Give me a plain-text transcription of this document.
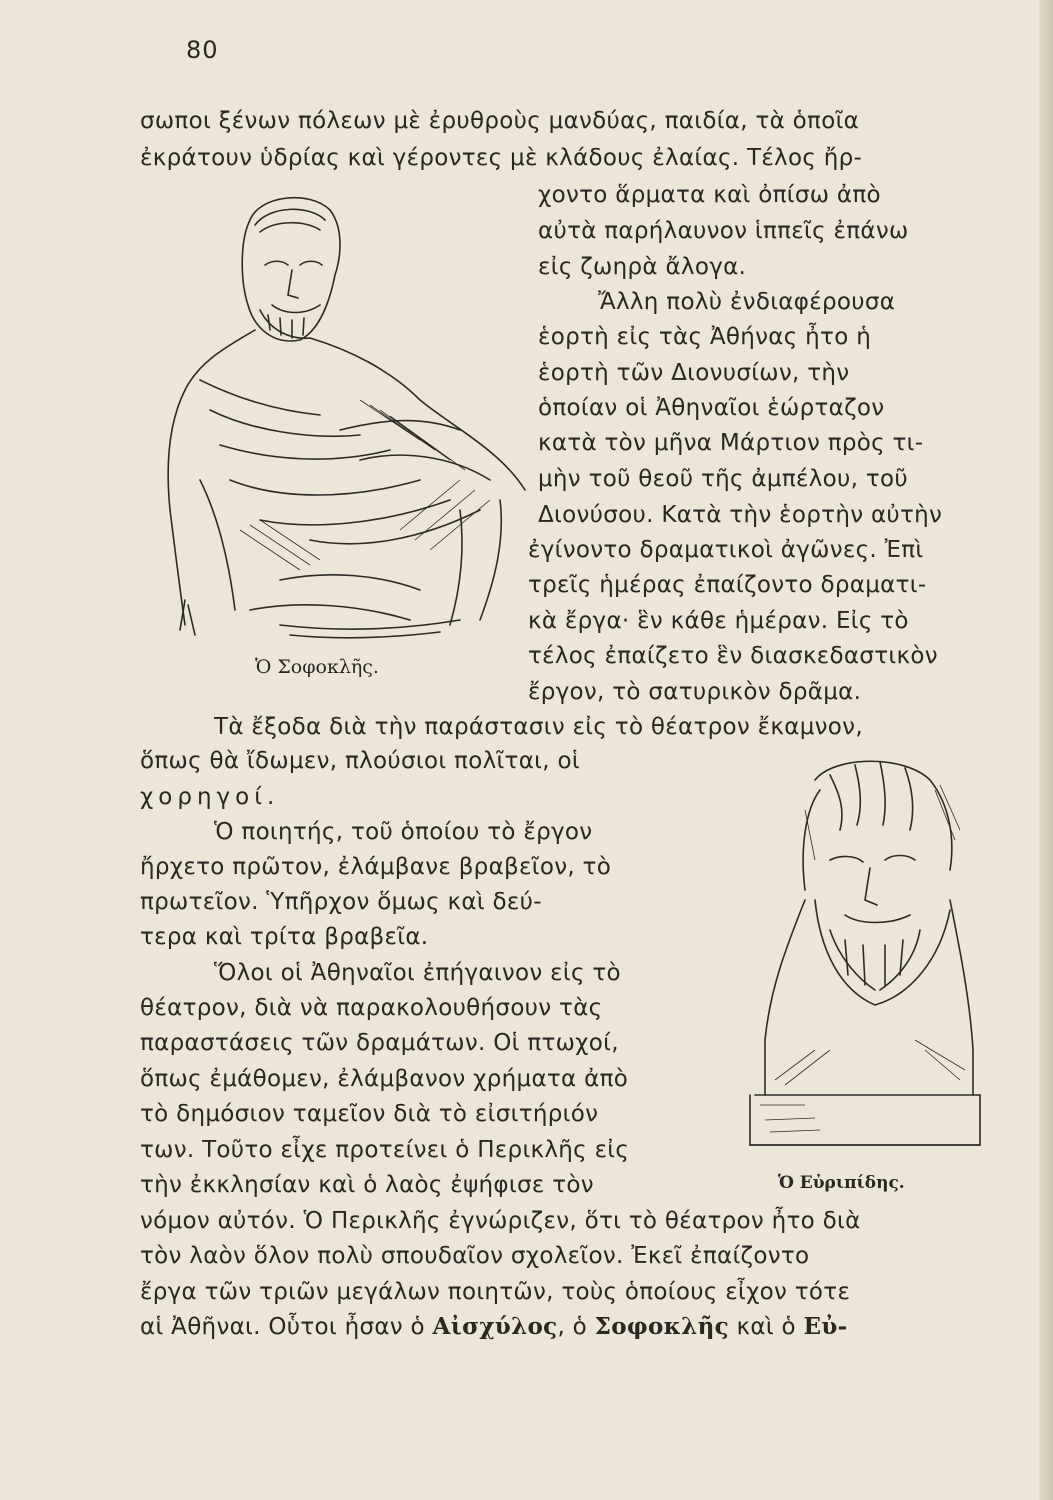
80
σωποι ξένων πόλεων μὲ ἐρυθροὺς μανδύας, παιδία, τὰ ὁποῖα
ἐκράτουν ὑδρίας καὶ γέροντες μὲ κλάδους ἐλαίας. Τέλος ἤρ-
χοντο ἅρματα καὶ ὀπίσω ἀπὸ
αὐτὰ παρήλαυνον ἱππεῖς ἐπάνω
εἰς ζωηρὰ ἄλογα.
Ἄλλη πολὺ ἐνδιαφέρουσα
ἑορτὴ εἰς τὰς Ἀθήνας ἦτο ἡ
ἑορτὴ τῶν Διονυσίων, τὴν
ὁποίαν οἱ Ἀθηναῖοι ἑώρταζον
κατὰ τὸν μῆνα Μάρτιον πρὸς τι-
μὴν τοῦ θεοῦ τῆς ἀμπέλου, τοῦ
Διονύσου. Κατὰ τὴν ἑορτὴν αὐτὴν
ἐγίνοντο δραματικοὶ ἀγῶνες. Ἐπὶ
τρεῖς ἡμέρας ἐπαίζοντο δραματι-
κὰ ἔργα· ἓν κάθε ἡμέραν. Εἰς τὸ
τέλος ἐπαίζετο ἓν διασκεδαστικὸν
ἔργον, τὸ σατυρικὸν δρᾶμα.
Τὰ ἔξοδα διὰ τὴν παράστασιν εἰς τὸ θέατρον ἔκαμνον,
ὅπως θὰ ἴδωμεν, πλούσιοι πολῖται, οἱ
χορηγοί.
Ὁ ποιητής, τοῦ ὁποίου τὸ ἔργον
ἤρχετο πρῶτον, ἐλάμβανε βραβεῖον, τὸ
πρωτεῖον. Ὑπῆρχον ὅμως καὶ δεύ-
τερα καὶ τρίτα βραβεῖα.
Ὅλοι οἱ Ἀθηναῖοι ἐπήγαινον εἰς τὸ
θέατρον, διὰ νὰ παρακολουθήσουν τὰς
παραστάσεις τῶν δραμάτων. Οἱ πτωχοί,
ὅπως ἐμάθομεν, ἐλάμβανον χρήματα ἀπὸ
τὸ δημόσιον ταμεῖον διὰ τὸ εἰσιτήριόν
των. Τοῦτο εἶχε προτείνει ὁ Περικλῆς εἰς
τὴν ἐκκλησίαν καὶ ὁ λαὸς ἐψήφισε τὸν
νόμον αὐτόν. Ὁ Περικλῆς ἐγνώριζεν, ὅτι τὸ θέατρον ἦτο διὰ
τὸν λαὸν ὅλον πολὺ σπουδαῖον σχολεῖον. Ἐκεῖ ἐπαίζοντο
ἔργα τῶν τριῶν μεγάλων ποιητῶν, τοὺς ὁποίους εἶχον τότε
αἱ Ἀθῆναι. Οὗτοι ἦσαν ὁ Αἰσχύλος, ὁ Σοφοκλῆς καὶ ὁ Εὐ-
Ὁ Σοφοκλῆς.
Ὁ Εὐριπίδης.
